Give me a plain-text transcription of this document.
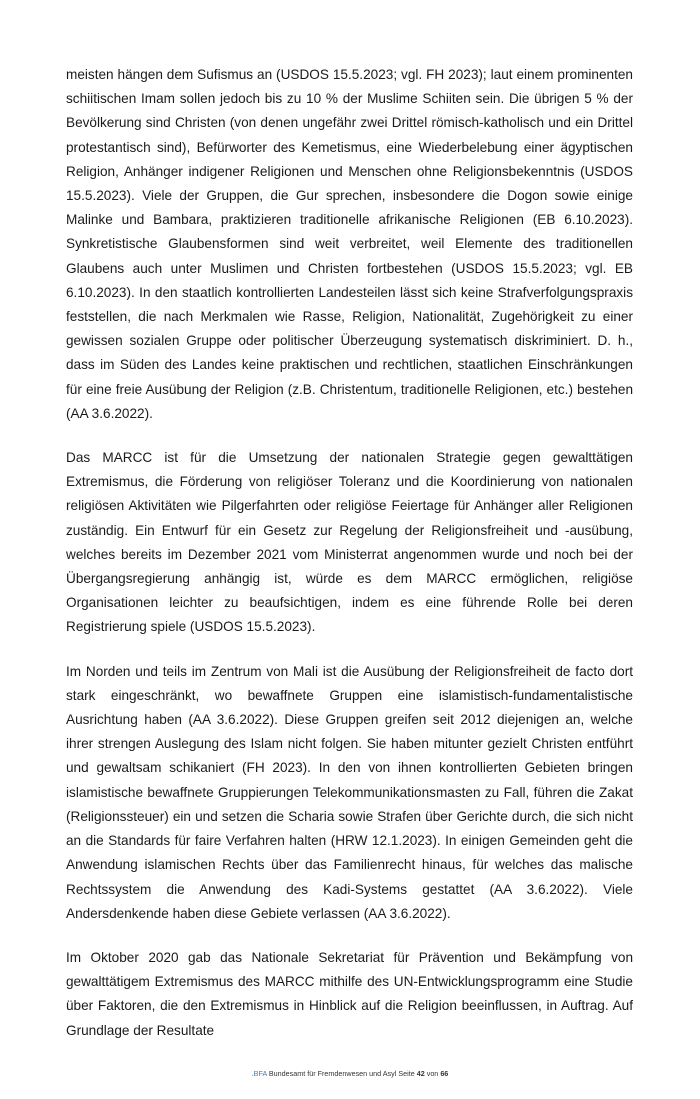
meisten hängen dem Sufismus an (USDOS 15.5.2023; vgl. FH 2023); laut einem prominenten schiitischen Imam sollen jedoch bis zu 10 % der Muslime Schiiten sein. Die übrigen 5 % der Bevölkerung sind Christen (von denen ungefähr zwei Drittel römisch-katholisch und ein Drittel protestantisch sind), Befürworter des Kemetismus, eine Wiederbelebung einer ägyptischen Religion, Anhänger indigener Religionen und Menschen ohne Religionsbekenntnis (USDOS 15.5.2023). Viele der Gruppen, die Gur sprechen, insbesondere die Dogon sowie einige Malinke und Bambara, praktizieren traditionelle afrikanische Religionen (EB 6.10.2023). Synkretistische Glaubensformen sind weit verbreitet, weil Elemente des traditionellen Glaubens auch unter Muslimen und Christen fortbestehen (USDOS 15.5.2023; vgl. EB 6.10.2023). In den staatlich kontrollierten Landesteilen lässt sich keine Strafverfolgungspraxis feststellen, die nach Merkmalen wie Rasse, Religion, Nationalität, Zugehörigkeit zu einer gewissen sozialen Gruppe oder politischer Überzeugung systematisch diskriminiert. D. h., dass im Süden des Landes keine praktischen und rechtlichen, staatlichen Einschränkungen für eine freie Ausübung der Religion (z.B. Christentum, traditionelle Religionen, etc.) bestehen (AA 3.6.2022).

Das MARCC ist für die Umsetzung der nationalen Strategie gegen gewalttätigen Extremismus, die Förderung von religiöser Toleranz und die Koordinierung von nationalen religiösen Aktivitäten wie Pilgerfahrten oder religiöse Feiertage für Anhänger aller Religionen zuständig. Ein Entwurf für ein Gesetz zur Regelung der Religionsfreiheit und -ausübung, welches bereits im Dezember 2021 vom Ministerrat angenommen wurde und noch bei der Übergangsregierung anhängig ist, würde es dem MARCC ermöglichen, religiöse Organisationen leichter zu beaufsichtigen, indem es eine führende Rolle bei deren Registrierung spiele (USDOS 15.5.2023).

Im Norden und teils im Zentrum von Mali ist die Ausübung der Religionsfreiheit de facto dort stark eingeschränkt, wo bewaffnete Gruppen eine islamistisch-fundamentalistische Ausrichtung haben (AA 3.6.2022). Diese Gruppen greifen seit 2012 diejenigen an, welche ihrer strengen Auslegung des Islam nicht folgen. Sie haben mitunter gezielt Christen entführt und gewaltsam schikaniert (FH 2023). In den von ihnen kontrollierten Gebieten bringen islamistische bewaffnete Gruppierungen Telekommunikationsmasten zu Fall, führen die Zakat (Religionssteuer) ein und setzen die Scharia sowie Strafen über Gerichte durch, die sich nicht an die Standards für faire Verfahren halten (HRW 12.1.2023). In einigen Gemeinden geht die Anwendung islamischen Rechts über das Familienrecht hinaus, für welches das malische Rechtssystem die Anwendung des Kadi-Systems gestattet (AA 3.6.2022). Viele Andersdenkende haben diese Gebiete verlassen (AA 3.6.2022).

Im Oktober 2020 gab das Nationale Sekretariat für Prävention und Bekämpfung von gewalttätigem Extremismus des MARCC mithilfe des UN-Entwicklungsprogramm eine Studie über Faktoren, die den Extremismus in Hinblick auf die Religion beeinflussen, in Auftrag. Auf Grundlage der Resultate

.BFA Bundesamt für Fremdenwesen und Asyl Seite 42 von 66
